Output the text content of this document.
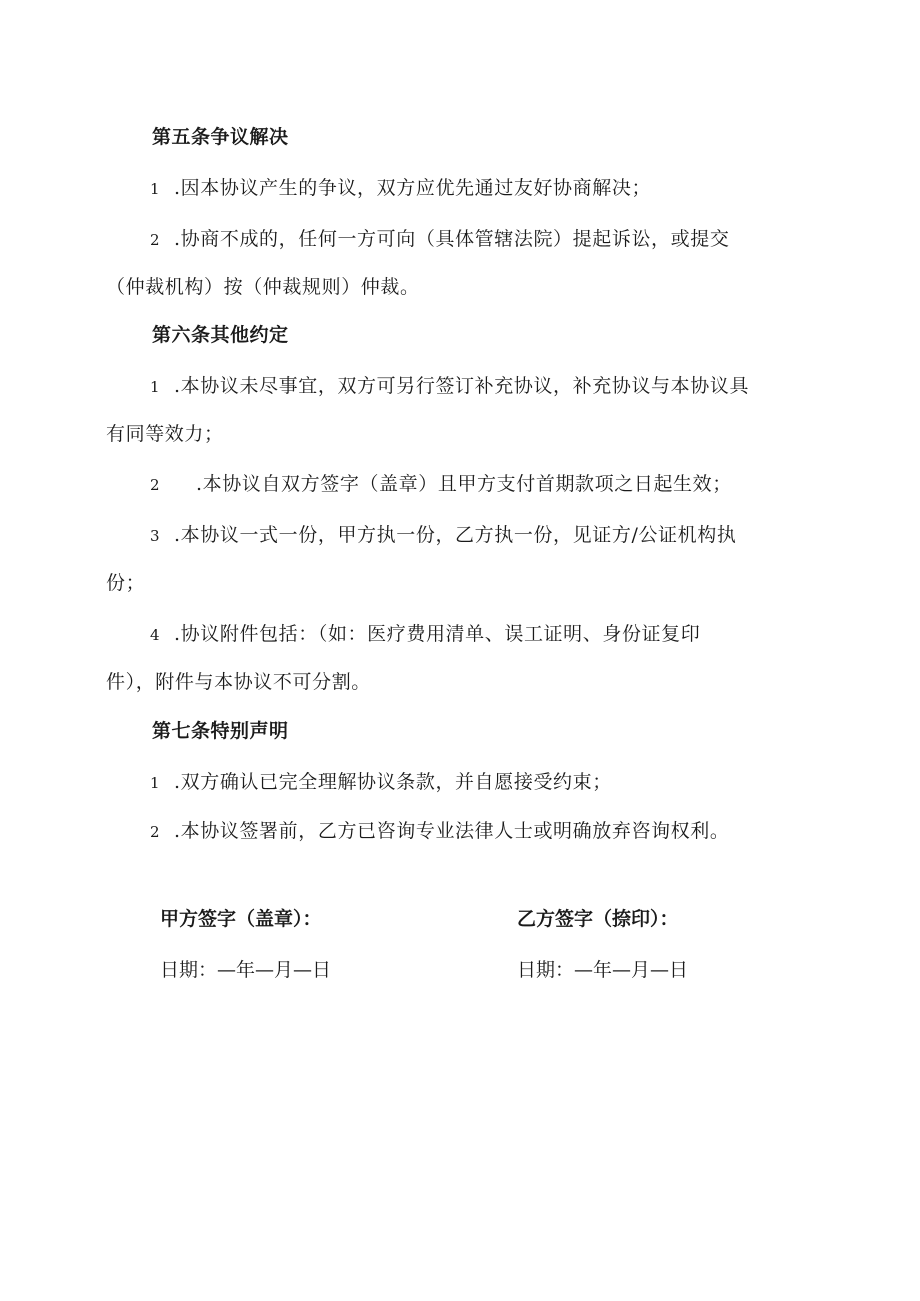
第五条争议解决
1 .因本协议产生的争议，双方应优先通过友好协商解决；
2 .协商不成的，任何一方可向（具体管辖法院）提起诉讼，或提交
（仲裁机构）按（仲裁规则）仲裁。
第六条其他约定
1 .本协议未尽事宜，双方可另行签订补充协议，补充协议与本协议具
有同等效力；
2 .本协议自双方签字（盖章）且甲方支付首期款项之日起生效；
3 .本协议一式一份，甲方执一份，乙方执一份，见证方/公证机构执
份；
4 .协议附件包括：（如：医疗费用清单、误工证明、身份证复印
件），附件与本协议不可分割。
第七条特别声明
1 .双方确认已完全理解协议条款，并自愿接受约束；
2 .本协议签署前，乙方已咨询专业法律人士或明确放弃咨询权利。
甲方签字（盖章）：	乙方签字（捺印）：
日期：—年—月—日	日期：—年—月—日
